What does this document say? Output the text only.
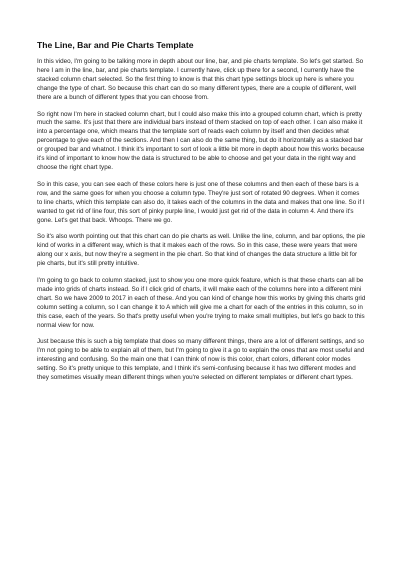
The Line, Bar and Pie Charts Template

In this video, I'm going to be talking more in depth about our line, bar, and pie charts template. So let's get started. So here I am in the line, bar, and pie charts template. I currently have, click up there for a second, I currently have the stacked column chart selected. So the first thing to know is that this chart type settings block up here is where you change the type of chart. So because this chart can do so many different types, there are a couple of different, well there are a bunch of different types that you can choose from.

So right now I'm here in stacked column chart, but I could also make this into a grouped column chart, which is pretty much the same. It's just that there are individual bars instead of them stacked on top of each other. I can also make it into a percentage one, which means that the template sort of reads each column by itself and then decides what percentage to give each of the sections. And then I can also do the same thing, but do it horizontally as a stacked bar or grouped bar and whatnot. I think it's important to sort of look a little bit more in depth about how this works because it's kind of important to know how the data is structured to be able to choose and get your data in the right way and choose the right chart type.

So in this case, you can see each of these colors here is just one of these columns and then each of these bars is a row, and the same goes for when you choose a column type. They're just sort of rotated 90 degrees. When it comes to line charts, which this template can also do, it takes each of the columns in the data and makes that one line. So if I wanted to get rid of line four, this sort of pinky purple line, I would just get rid of the data in column 4. And there it's gone. Let's get that back. Whoops. There we go.

So it's also worth pointing out that this chart can do pie charts as well. Unlike the line, column, and bar options, the pie kind of works in a different way, which is that it makes each of the rows. So in this case, these were years that were along our x axis, but now they're a segment in the pie chart. So that kind of changes the data structure a little bit for pie charts, but it's still pretty intuitive.

I'm going to go back to column stacked, just to show you one more quick feature, which is that these charts can all be made into grids of charts instead. So if I click grid of charts, it will make each of the columns here into a different mini chart. So we have 2009 to 2017 in each of these. And you can kind of change how this works by giving this charts grid column setting a column, so I can change it to A which will give me a chart for each of the entries in this column, so in this case, each of the years. So that's pretty useful when you're trying to make small multiples, but let's go back to this normal view for now.

Just because this is such a big template that does so many different things, there are a lot of different settings, and so I'm not going to be able to explain all of them, but I'm going to give it a go to explain the ones that are most useful and interesting and confusing. So the main one that I can think of now is this color, chart colors, different color modes setting. So it's pretty unique to this template, and I think it's semi-confusing because it has two different modes and they sometimes visually mean different things when you're selected on different templates or different chart types.
